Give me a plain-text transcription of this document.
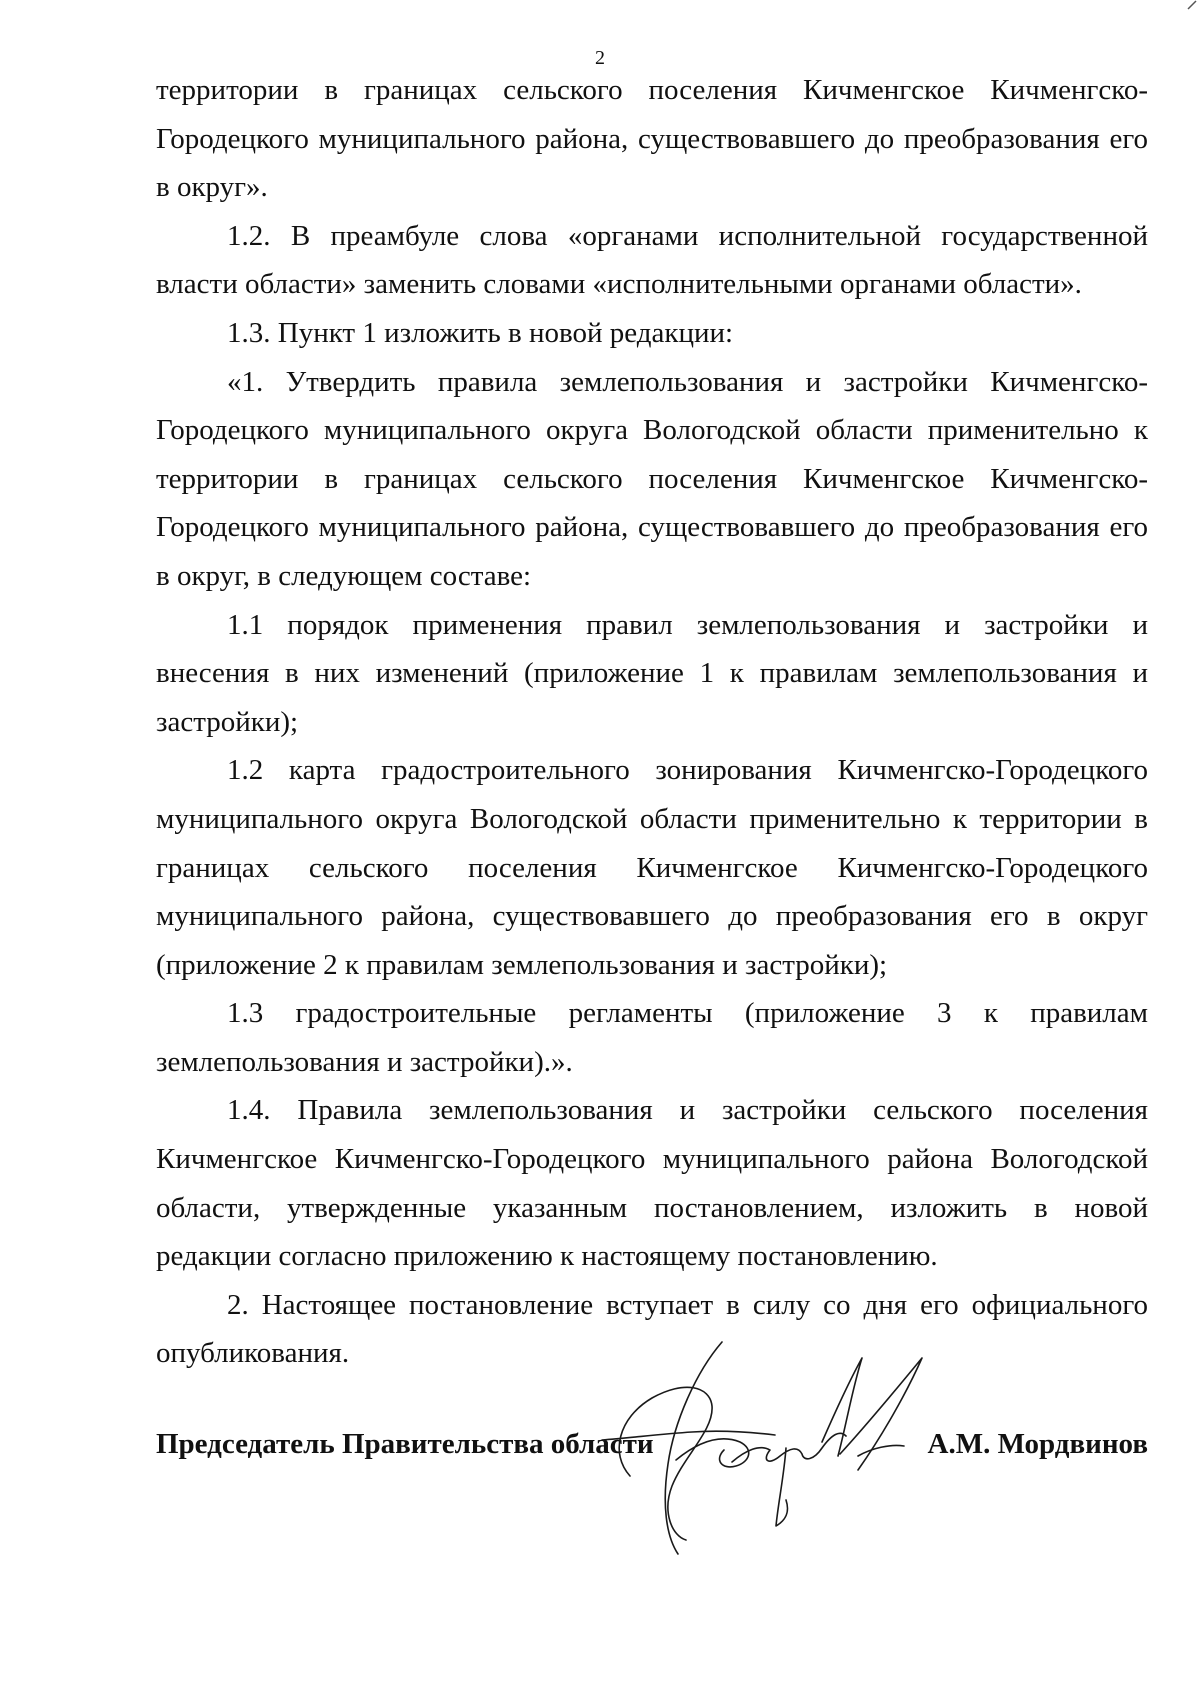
2

территории в границах сельского поселения Кичменгское Кичменгско-Городецкого муниципального района, существовавшего до преобразования его в округ».

1.2. В преамбуле слова «органами исполнительной государственной власти области» заменить словами «исполнительными органами области».

1.3. Пункт 1 изложить в новой редакции:

«1. Утвердить правила землепользования и застройки Кичменгско-Городецкого муниципального округа Вологодской области применительно к территории в границах сельского поселения Кичменгское Кичменгско-Городецкого муниципального района, существовавшего до преобразования его в округ, в следующем составе:

1.1 порядок применения правил землепользования и застройки и внесения в них изменений (приложение 1 к правилам землепользования и застройки);

1.2 карта градостроительного зонирования Кичменгско-Городецкого муниципального округа Вологодской области применительно к территории в границах сельского поселения Кичменгское Кичменгско-Городецкого муниципального района, существовавшего до преобразования его в округ (приложение 2 к правилам землепользования и застройки);

1.3 градостроительные регламенты (приложение 3 к правилам землепользования и застройки).».

1.4. Правила землепользования и застройки сельского поселения Кичменгское Кичменгско-Городецкого муниципального района Вологодской области, утвержденные указанным постановлением, изложить в новой редакции согласно приложению к настоящему постановлению.

2. Настоящее постановление вступает в силу со дня его официального опубликования.

Председатель Правительства области	А.М. Мордвинов
